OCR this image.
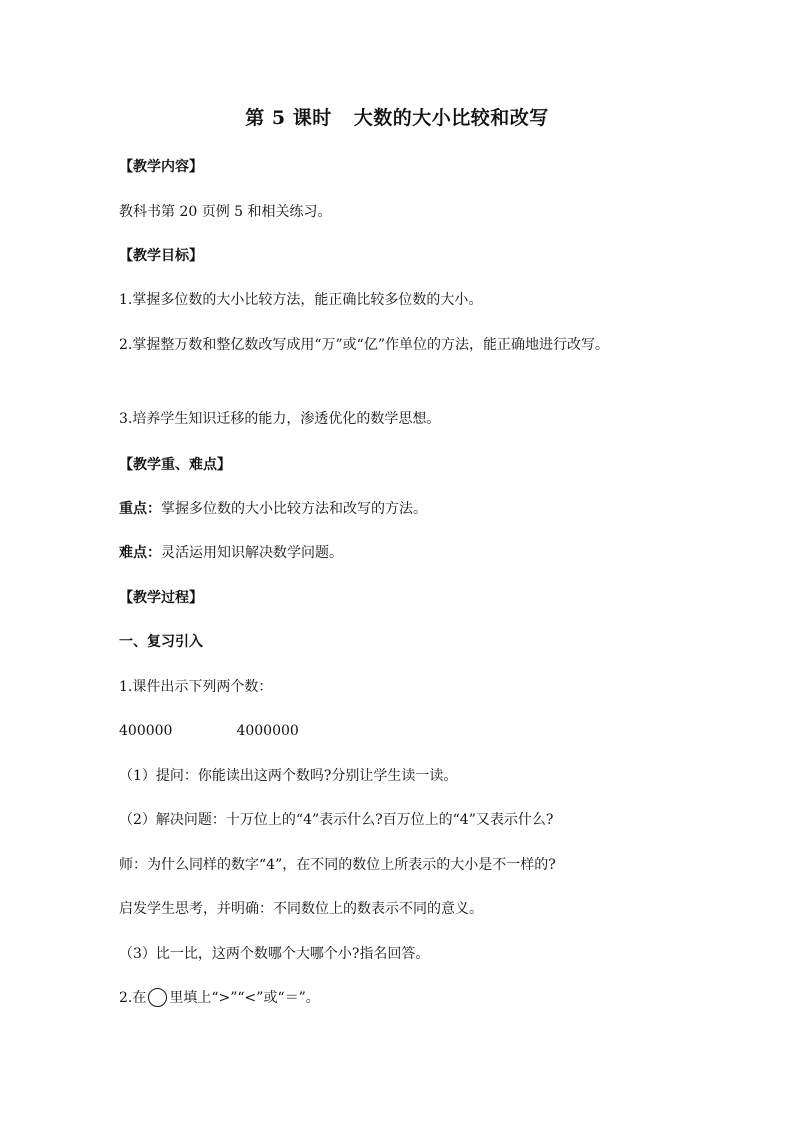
第 5 课时 大数的大小比较和改写
【教学内容】
教科书第 20 页例 5 和相关练习。
【教学目标】
1.掌握多位数的大小比较方法，能正确比较多位数的大小。
2.掌握整万数和整亿数改写成用“万”或“亿”作单位的方法，能正确地进行改写。
3.培养学生知识迁移的能力，渗透优化的数学思想。
【教学重、难点】
重点：掌握多位数的大小比较方法和改写的方法。
难点：灵活运用知识解决数学问题。
【教学过程】
一、复习引入
1.课件出示下列两个数：
400000	4000000
（1）提问：你能读出这两个数吗?分别让学生读一读。
（2）解决问题：十万位上的“4”表示什么?百万位上的“4”又表示什么?
师：为什么同样的数字“4”，在不同的数位上所表示的大小是不一样的?
启发学生思考，并明确：不同数位上的数表示不同的意义。
（3）比一比，这两个数哪个大哪个小?指名回答。
2.在 里填上“>”“<”或“＝”。
